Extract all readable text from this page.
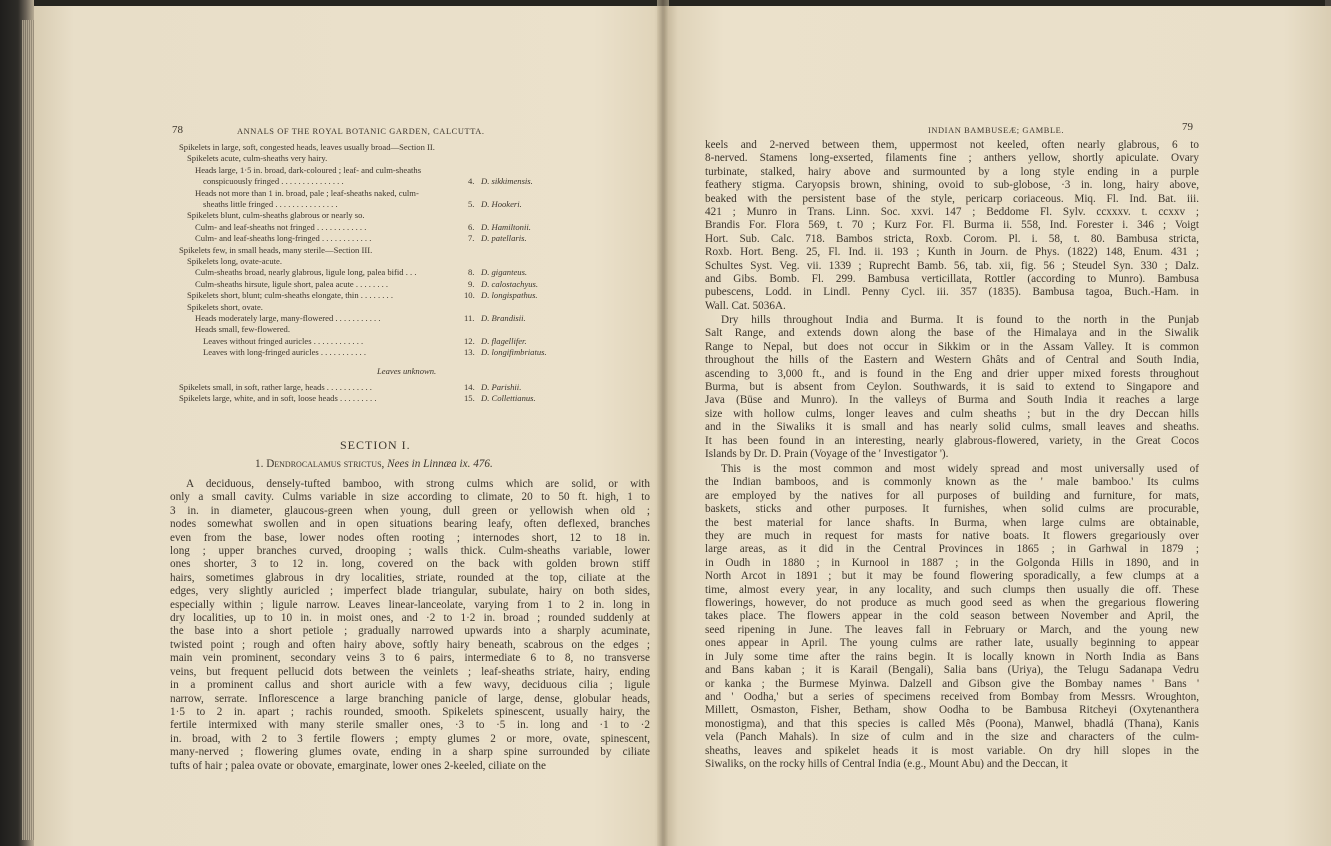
78	ANNALS OF THE ROYAL BOTANIC GARDEN, CALCUTTA.
Spikelets in large, soft, congested heads, leaves usually broad—Section II.
Spikelets acute, culm-sheaths very hairy.
Heads large, 1·5 in. broad, dark-coloured ; leaf- and culm-sheaths
conspicuously fringed . . . . . . . . . . . . . . .	4. D. sikkimensis.
Heads not more than 1 in. broad, pale ; leaf-sheaths naked, culm-
sheaths little fringed . . . . . . . . . . . . . . .	5. D. Hookeri.
Spikelets blunt, culm-sheaths glabrous or nearly so.
Culm- and leaf-sheaths not fringed . . . . . . . . . . . .	6. D. Hamiltonii.
Culm- and leaf-sheaths long-fringed . . . . . . . . . . . .	7. D. patellaris.
Spikelets few, in small heads, many sterile—Section III.
Spikelets long, ovate-acute.
Culm-sheaths broad, nearly glabrous, ligule long, palea bifid . . .	8. D. giganteus.
Culm-sheaths hirsute, ligule short, palea acute . . . . . . . .	9. D. calostachyus.
Spikelets short, blunt; culm-sheaths elongate, thin . . . . . . . .	10. D. longispathus.
Spikelets short, ovate.
Heads moderately large, many-flowered . . . . . . . . . . .	11. D. Brandisii.
Heads small, few-flowered.
Leaves without fringed auricles . . . . . . . . . . . .	12. D. flagellifer.
Leaves with long-fringed auricles . . . . . . . . . . .	13. D. longifimbriatus.
Leaves unknown.
Spikelets small, in soft, rather large, heads . . . . . . . . . . .	14. D. Parishii.
Spikelets large, white, and in soft, loose heads . . . . . . . . .	15. D. Collettianus.
SECTION I.
1. Dendrocalamus strictus, Nees in Linnæa ix. 476.
A deciduous, densely-tufted bamboo, with strong culms which are solid, or with
only a small cavity. Culms variable in size according to climate, 20 to 50 ft. high, 1 to
3 in. in diameter, glaucous-green when young, dull green or yellowish when old ;
nodes somewhat swollen and in open situations bearing leafy, often deflexed, branches
even from the base, lower nodes often rooting ; internodes short, 12 to 18 in.
long ; upper branches curved, drooping ; walls thick. Culm-sheaths variable, lower
ones shorter, 3 to 12 in. long, covered on the back with golden brown stiff
hairs, sometimes glabrous in dry localities, striate, rounded at the top, ciliate at the
edges, very slightly auricled ; imperfect blade triangular, subulate, hairy on both sides,
especially within ; ligule narrow. Leaves linear-lanceolate, varying from 1 to 2 in. long in
dry localities, up to 10 in. in moist ones, and ·2 to 1·2 in. broad ; rounded suddenly at
the base into a short petiole ; gradually narrowed upwards into a sharply acuminate,
twisted point ; rough and often hairy above, softly hairy beneath, scabrous on the edges ;
main vein prominent, secondary veins 3 to 6 pairs, intermediate 6 to 8, no transverse
veins, but frequent pellucid dots between the veinlets ; leaf-sheaths striate, hairy, ending
in a prominent callus and short auricle with a few wavy, deciduous cilia ; ligule
narrow, serrate. Inflorescence a large branching panicle of large, dense, globular heads,
1·5 to 2 in. apart ; rachis rounded, smooth. Spikelets spinescent, usually hairy, the
fertile intermixed with many sterile smaller ones, ·3 to ·5 in. long and ·1 to ·2
in. broad, with 2 to 3 fertile flowers ; empty glumes 2 or more, ovate, spinescent,
many-nerved ; flowering glumes ovate, ending in a sharp spine surrounded by ciliate
tufts of hair ; palea ovate or obovate, emarginate, lower ones 2-keeled, ciliate on the
INDIAN BAMBUSEÆ; GAMBLE.	79
keels and 2-nerved between them, uppermost not keeled, often nearly glabrous, 6 to
8-nerved. Stamens long-exserted, filaments fine ; anthers yellow, shortly apiculate. Ovary
turbinate, stalked, hairy above and surmounted by a long style ending in a purple
feathery stigma. Caryopsis brown, shining, ovoid to sub-globose, ·3 in. long, hairy above,
beaked with the persistent base of the style, pericarp coriaceous. Miq. Fl. Ind. Bat. iii.
421 ; Munro in Trans. Linn. Soc. xxvi. 147 ; Beddome Fl. Sylv. ccxxxv. t. ccxxv ;
Brandis For. Flora 569, t. 70 ; Kurz For. Fl. Burma ii. 558, Ind. Forester i. 346 ; Voigt
Hort. Sub. Calc. 718. Bambos stricta, Roxb. Corom. Pl. i. 58, t. 80. Bambusa stricta,
Roxb. Hort. Beng. 25, Fl. Ind. ii. 193 ; Kunth in Journ. de Phys. (1822) 148, Enum. 431 ;
Schultes Syst. Veg. vii. 1339 ; Ruprecht Bamb. 56, tab. xii, fig. 56 ; Steudel Syn. 330 ; Dalz.
and Gibs. Bomb. Fl. 299. Bambusa verticillata, Rottler (according to Munro). Bambusa
pubescens, Lodd. in Lindl. Penny Cycl. iii. 357 (1835). Bambusa tagoa, Buch.-Ham. in
Wall. Cat. 5036A.
Dry hills throughout India and Burma. It is found to the north in the Punjab
Salt Range, and extends down along the base of the Himalaya and in the Siwalik
Range to Nepal, but does not occur in Sikkim or in the Assam Valley. It is common
throughout the hills of the Eastern and Western Ghâts and of Central and South India,
ascending to 3,000 ft., and is found in the Eng and drier upper mixed forests throughout
Burma, but is absent from Ceylon. Southwards, it is said to extend to Singapore and
Java (Büse and Munro). In the valleys of Burma and South India it reaches a large
size with hollow culms, longer leaves and culm sheaths ; but in the dry Deccan hills
and in the Siwaliks it is small and has nearly solid culms, small leaves and sheaths.
It has been found in an interesting, nearly glabrous-flowered, variety, in the Great Cocos
Islands by Dr. D. Prain (Voyage of the ' Investigator ').
This is the most common and most widely spread and most universally used of
the Indian bamboos, and is commonly known as the ' male bamboo.' Its culms
are employed by the natives for all purposes of building and furniture, for mats,
baskets, sticks and other purposes. It furnishes, when solid culms are procurable,
the best material for lance shafts. In Burma, when large culms are obtainable,
they are much in request for masts for native boats. It flowers gregariously over
large areas, as it did in the Central Provinces in 1865 ; in Garhwal in 1879 ;
in Oudh in 1880 ; in Kurnool in 1887 ; in the Golgonda Hills in 1890, and in
North Arcot in 1891 ; but it may be found flowering sporadically, a few clumps at a
time, almost every year, in any locality, and such clumps then usually die off. These
flowerings, however, do not produce as much good seed as when the gregarious flowering
takes place. The flowers appear in the cold season between November and April, the
seed ripening in June. The leaves fall in February or March, and the young new
ones appear in April. The young culms are rather late, usually beginning to appear
in July some time after the rains begin. It is locally known in North India as Bans
and Bans kaban ; it is Karail (Bengali), Salia bans (Uriya), the Telugu Sadanapa Vedru
or kanka ; the Burmese Myinwa. Dalzell and Gibson give the Bombay names ' Bans '
and ' Oodha,' but a series of specimens received from Bombay from Messrs. Wroughton,
Millett, Osmaston, Fisher, Betham, show Oodha to be Bambusa Ritcheyi (Oxytenanthera
monostigma), and that this species is called Mês (Poona), Manwel, bhadlá (Thana), Kanis
vela (Panch Mahals). In size of culm and in the size and characters of the culm-
sheaths, leaves and spikelet heads it is most variable. On dry hill slopes in the
Siwaliks, on the rocky hills of Central India (e.g., Mount Abu) and the Deccan, it
